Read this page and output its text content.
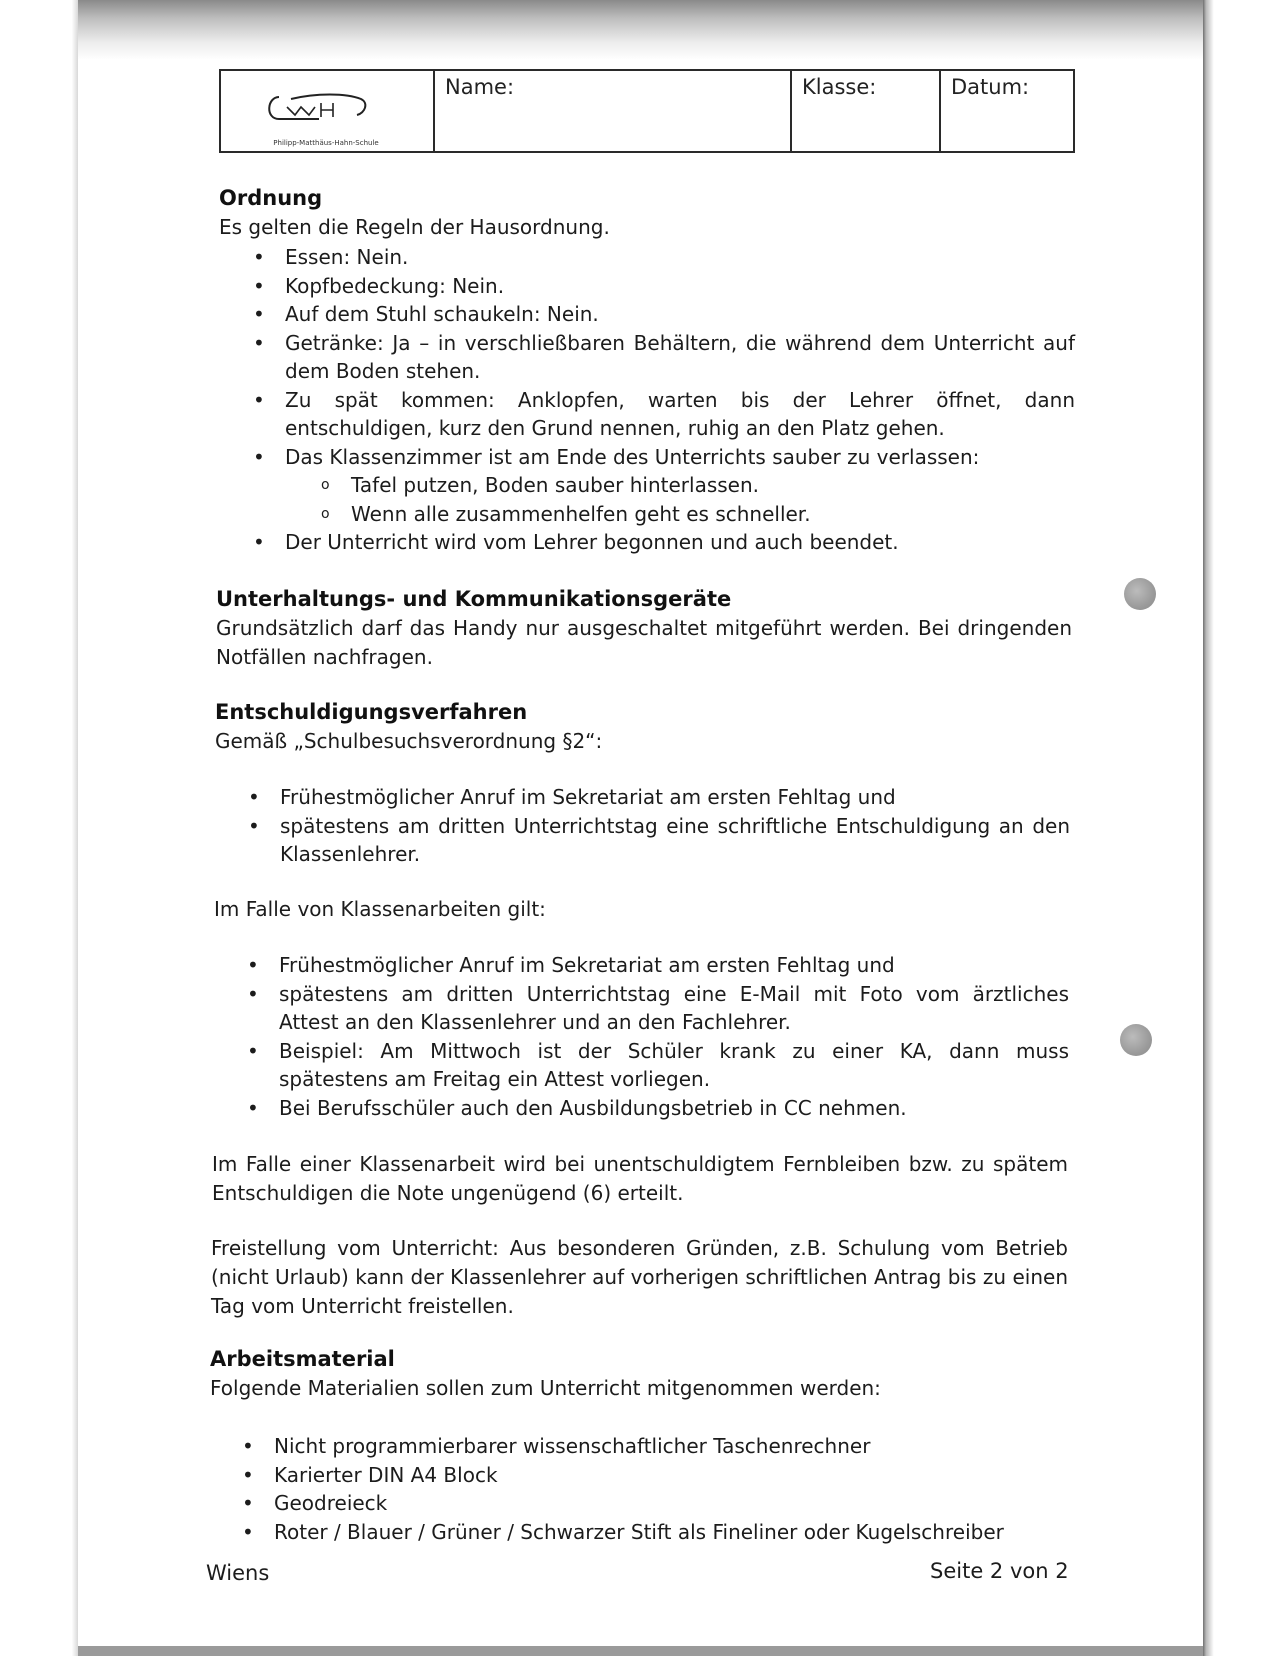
Philipp-Matthäus-Hahn-Schule
Name:	Klasse:	Datum:
Ordnung
Es gelten die Regeln der Hausordnung.
• Essen: Nein.
• Kopfbedeckung: Nein.
• Auf dem Stuhl schaukeln: Nein.
• Getränke: Ja – in verschließbaren Behältern, die während dem Unterricht auf dem Boden stehen.
• Zu spät kommen: Anklopfen, warten bis der Lehrer öffnet, dann entschuldigen, kurz den Grund nennen, ruhig an den Platz gehen.
• Das Klassenzimmer ist am Ende des Unterrichts sauber zu verlassen:
o Tafel putzen, Boden sauber hinterlassen.
o Wenn alle zusammenhelfen geht es schneller.
• Der Unterricht wird vom Lehrer begonnen und auch beendet.
Unterhaltungs- und Kommunikationsgeräte
Grundsätzlich darf das Handy nur ausgeschaltet mitgeführt werden. Bei dringenden Notfällen nachfragen.
Entschuldigungsverfahren
Gemäß „Schulbesuchsverordnung §2“:
• Frühestmöglicher Anruf im Sekretariat am ersten Fehltag und
• spätestens am dritten Unterrichtstag eine schriftliche Entschuldigung an den Klassenlehrer.
Im Falle von Klassenarbeiten gilt:
• Frühestmöglicher Anruf im Sekretariat am ersten Fehltag und
• spätestens am dritten Unterrichtstag eine E-Mail mit Foto vom ärztliches Attest an den Klassenlehrer und an den Fachlehrer.
• Beispiel: Am Mittwoch ist der Schüler krank zu einer KA, dann muss spätestens am Freitag ein Attest vorliegen.
• Bei Berufsschüler auch den Ausbildungsbetrieb in CC nehmen.
Im Falle einer Klassenarbeit wird bei unentschuldigtem Fernbleiben bzw. zu spätem Entschuldigen die Note ungenügend (6) erteilt.
Freistellung vom Unterricht: Aus besonderen Gründen, z.B. Schulung vom Betrieb (nicht Urlaub) kann der Klassenlehrer auf vorherigen schriftlichen Antrag bis zu einen Tag vom Unterricht freistellen.
Arbeitsmaterial
Folgende Materialien sollen zum Unterricht mitgenommen werden:
• Nicht programmierbarer wissenschaftlicher Taschenrechner
• Karierter DIN A4 Block
• Geodreieck
• Roter / Blauer / Grüner / Schwarzer Stift als Fineliner oder Kugelschreiber
Wiens	Seite 2 von 2
